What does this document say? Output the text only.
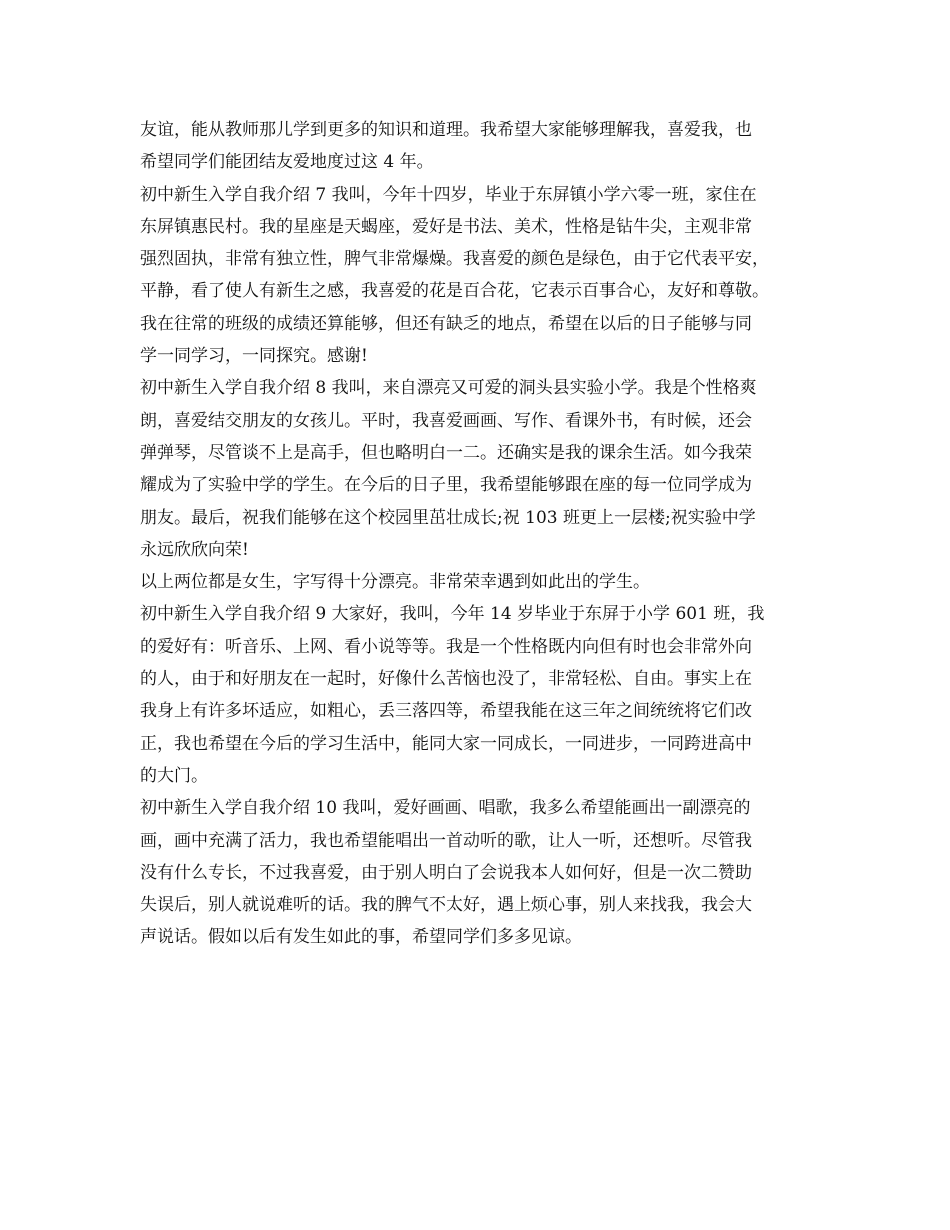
友谊，能从教师那儿学到更多的知识和道理。我希望大家能够理解我，喜爱我，也
希望同学们能团结友爱地度过这 4 年。
初中新生入学自我介绍 7 我叫，今年十四岁，毕业于东屏镇小学六零一班，家住在
东屏镇惠民村。我的星座是天蝎座，爱好是书法、美术，性格是钻牛尖，主观非常
强烈固执，非常有独立性，脾气非常爆燥。我喜爱的颜色是绿色，由于它代表平安，
平静，看了使人有新生之感，我喜爱的花是百合花，它表示百事合心，友好和尊敬。
我在往常的班级的成绩还算能够，但还有缺乏的地点，希望在以后的日子能够与同
学一同学习，一同探究。感谢!
初中新生入学自我介绍 8 我叫，来自漂亮又可爱的洞头县实验小学。我是个性格爽
朗，喜爱结交朋友的女孩儿。平时，我喜爱画画、写作、看课外书，有时候，还会
弹弹琴，尽管谈不上是高手，但也略明白一二。还确实是我的课余生活。如今我荣
耀成为了实验中学的学生。在今后的日子里，我希望能够跟在座的每一位同学成为
朋友。最后，祝我们能够在这个校园里茁壮成长;祝 103 班更上一层楼;祝实验中学
永远欣欣向荣!
以上两位都是女生，字写得十分漂亮。非常荣幸遇到如此出的学生。
初中新生入学自我介绍 9 大家好，我叫，今年 14 岁毕业于东屏于小学 601 班，我
的爱好有：听音乐、上网、看小说等等。我是一个性格既内向但有时也会非常外向
的人，由于和好朋友在一起时，好像什么苦恼也没了，非常轻松、自由。事实上在
我身上有许多坏适应，如粗心，丢三落四等，希望我能在这三年之间统统将它们改
正，我也希望在今后的学习生活中，能同大家一同成长，一同进步，一同跨进高中
的大门。
初中新生入学自我介绍 10 我叫，爱好画画、唱歌，我多么希望能画出一副漂亮的
画，画中充满了活力，我也希望能唱出一首动听的歌，让人一听，还想听。尽管我
没有什么专长，不过我喜爱，由于别人明白了会说我本人如何好，但是一次二赞助
失误后，别人就说难听的话。我的脾气不太好，遇上烦心事，别人来找我，我会大
声说话。假如以后有发生如此的事，希望同学们多多见谅。
